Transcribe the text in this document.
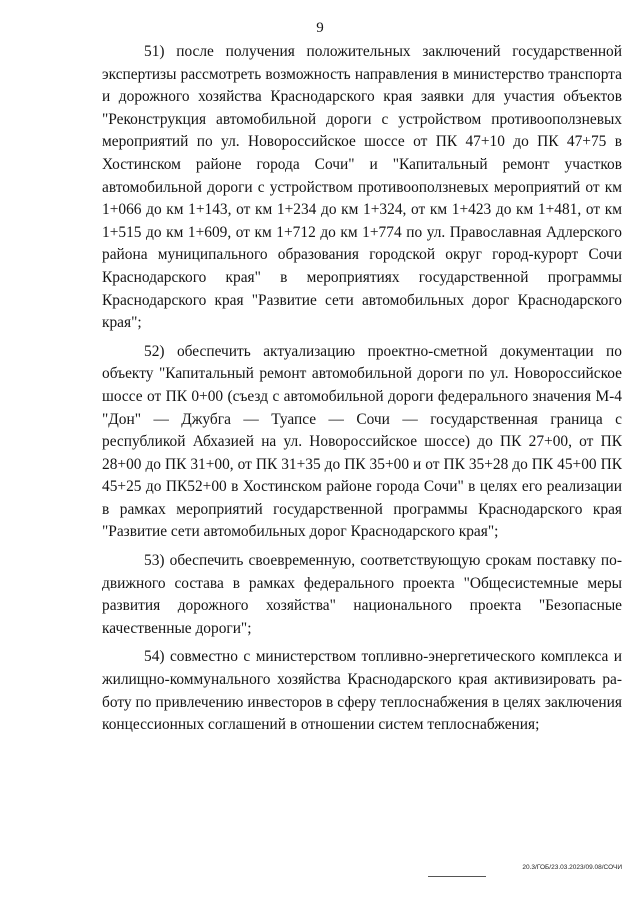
9

51) после получения положительных заключений государственной экспертизы рассмотреть возможность направления в министерство транспорта и дорожного хозяйства Краснодарского края заявки для участия объектов "Реконструкция автомобильной дороги с устройством противооползневых мероприятий по ул. Новороссийское шоссе от ПК 47+10 до ПК 47+75 в Хостинском районе города Сочи" и "Капитальный ремонт участков автомобильной дороги с устройством противооползневых мероприятий от км 1+066 до км 1+143, от км 1+234 до км 1+324, от км 1+423 до км 1+481, от км 1+515 до км 1+609, от км 1+712 до км 1+774 по ул. Православная Адлерского района муниципального образования городской округ город-курорт Сочи Краснодарского края" в мероприятиях государственной программы Краснодарского края "Развитие сети автомобильных дорог Краснодарского края";

52) обеспечить актуализацию проектно-сметной документации по объекту "Капитальный ремонт автомобильной дороги по ул. Новороссийское шоссе от ПК 0+00 (съезд с автомобильной дороги федерального значения М-4 "Дон" — Джубга — Туапсе — Сочи — государственная граница с республикой Абхазией на ул. Новороссийское шоссе) до ПК 27+00, от ПК 28+00 до ПК 31+00, от ПК 31+35 до ПК 35+00 и от ПК 35+28 до ПК 45+00 ПК 45+25 до ПК52+00 в Хостинском районе города Сочи" в целях его реализации в рамках мероприятий государственной программы Краснодарского края "Развитие сети автомобильных дорог Краснодарского края";

53) обеспечить своевременную, соответствующую срокам поставку подвижного состава в рамках федерального проекта "Общесистемные меры развития дорожного хозяйства" национального проекта "Безопасные качественные дороги";

54) совместно с министерством топливно-энергетического комплекса и жилищно-коммунального хозяйства Краснодарского края активизировать работу по привлечению инвесторов в сферу теплоснабжения в целях заключения концессионных соглашений в отношении систем теплоснабжения;

20.3/ГОБ/23.03.2023/09.08/СОЧИ
